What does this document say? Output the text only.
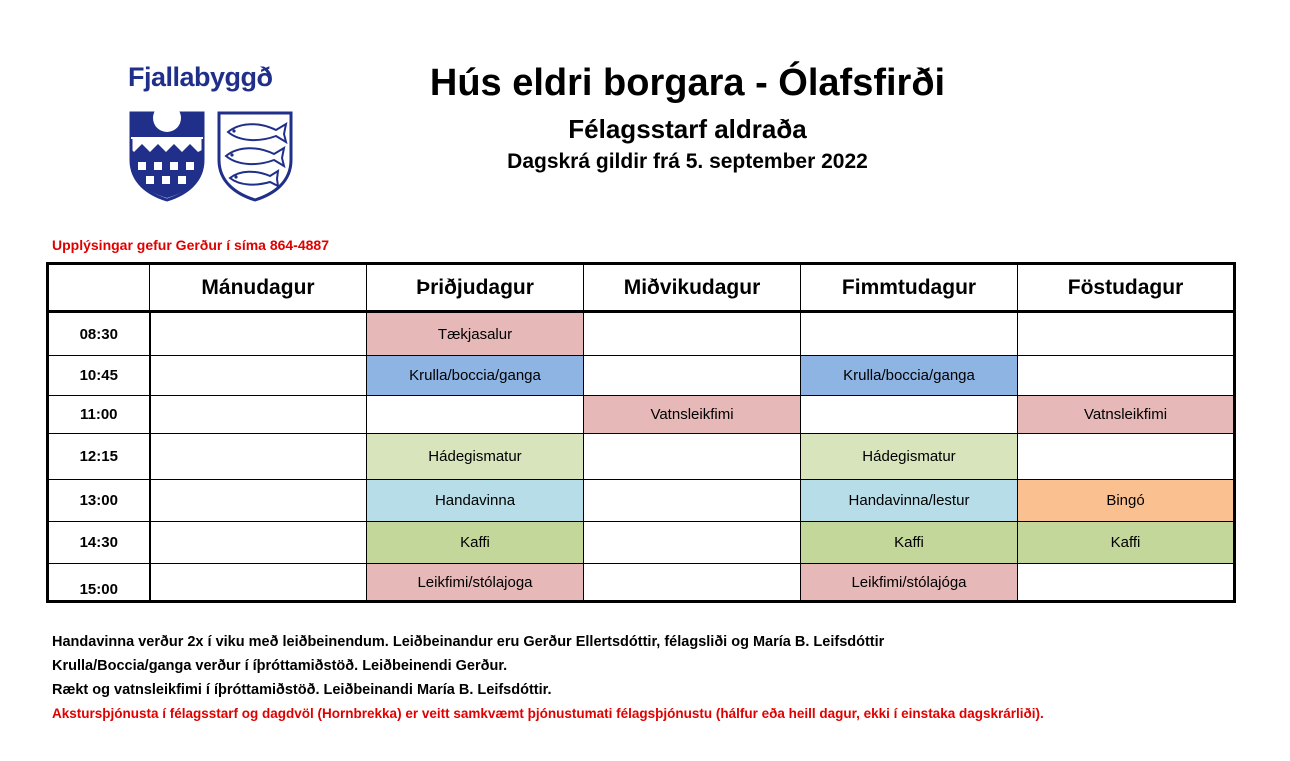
Fjallabyggð	Hús eldri borgara - Ólafsfirði
Félagsstarf aldraða
Dagskrá gildir frá 5. september 2022
Upplýsingar gefur Gerður í síma 864-4887
	Mánudagur	Þriðjudagur	Miðvikudagur	Fimmtudagur	Föstudagur
08:30		Tækjasalur			
10:45		Krulla/boccia/ganga		Krulla/boccia/ganga	
11:00			Vatnsleikfimi		Vatnsleikfimi
12:15		Hádegismatur		Hádegismatur	
13:00		Handavinna		Handavinna/lestur	Bingó
14:30		Kaffi		Kaffi	Kaffi
15:00		Leikfimi/stólajoga		Leikfimi/stólajóga	
Handavinna verður 2x í viku með leiðbeinendum. Leiðbeinandur eru Gerður Ellertsdóttir, félagsliði og María B. Leifsdóttir
Krulla/Boccia/ganga verður í íþróttamiðstöð. Leiðbeinendi Gerður.
Rækt og vatnsleikfimi í íþróttamiðstöð. Leiðbeinandi María B. Leifsdóttir.
Akstursþjónusta í félagsstarf og dagdvöl (Hornbrekka) er veitt samkvæmt þjónustumati félagsþjónustu (hálfur eða heill dagur, ekki í einstaka dagskrárliði).
